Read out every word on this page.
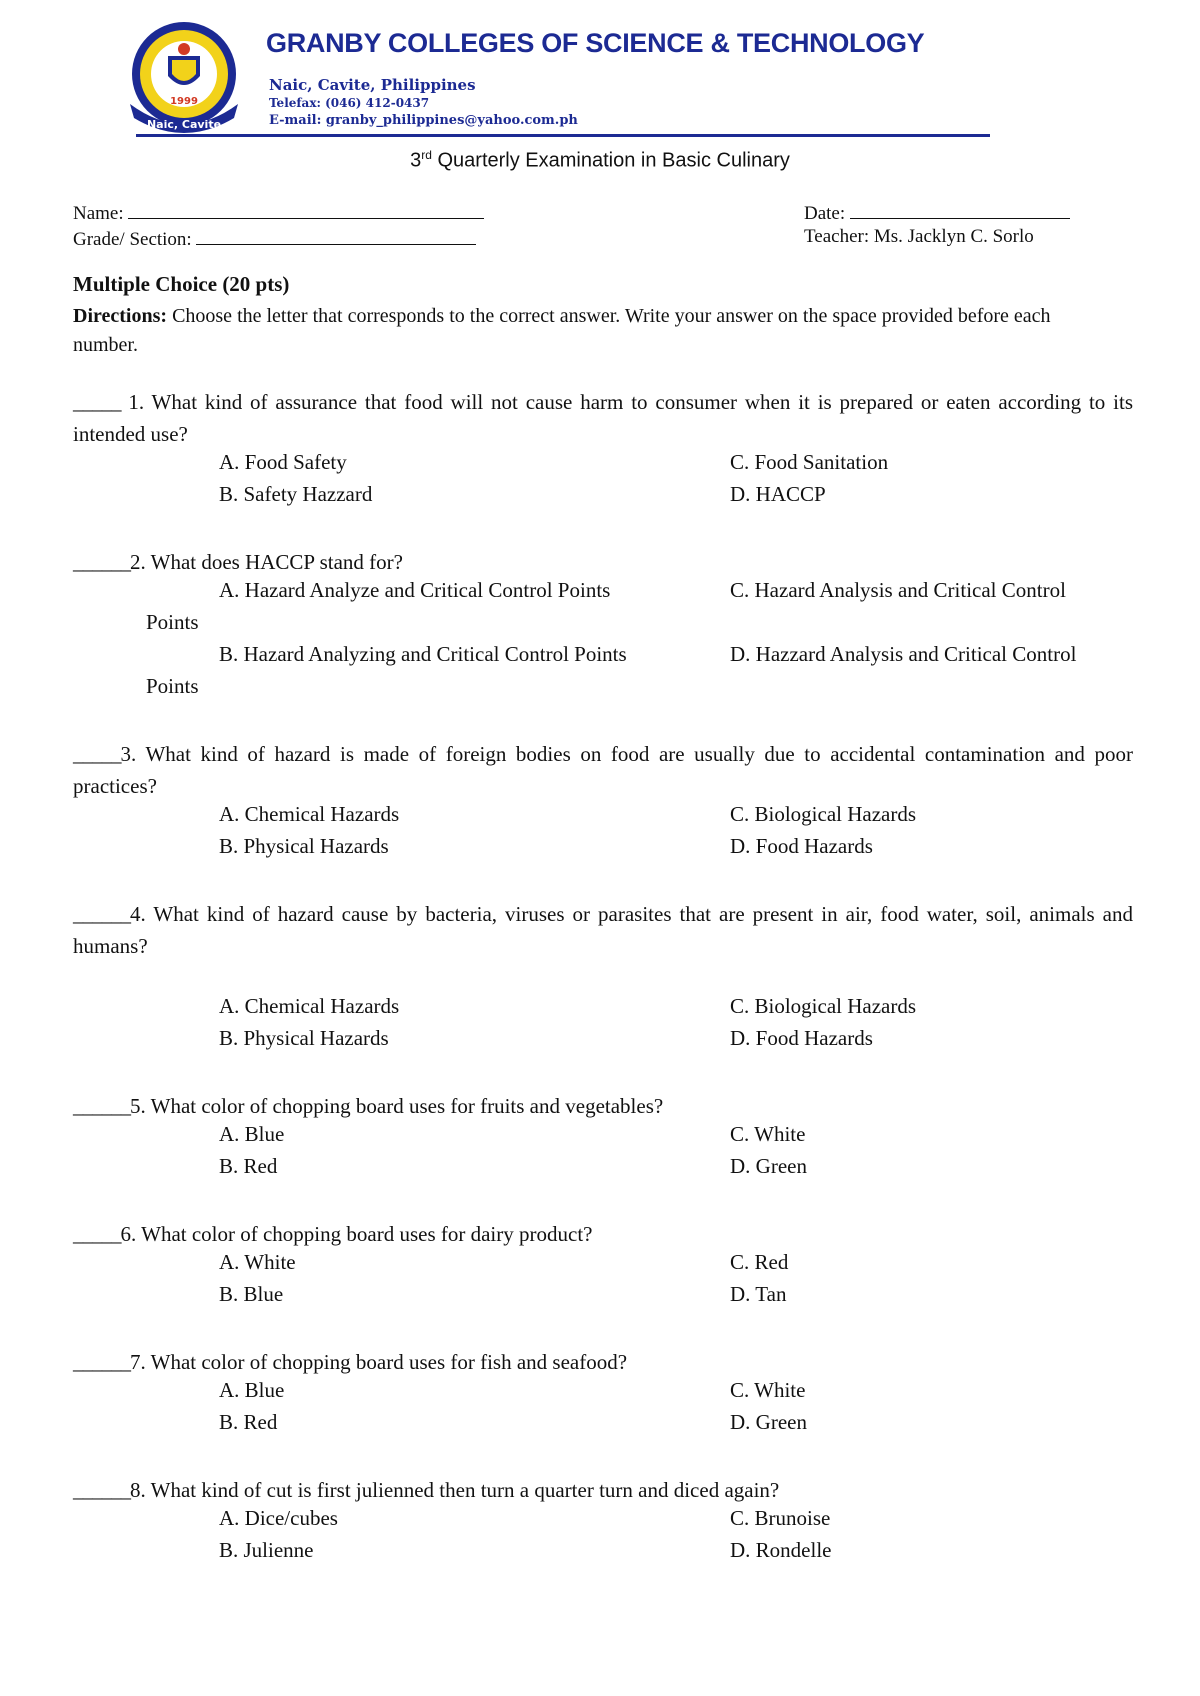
Naic, Cavite
1999
GRANBY COLLEGES OF SCIENCE & TECHNOLOGY
Naic, Cavite, Philippines
Telefax: (046) 412-0437
E-mail: granby_philippines@yahoo.com.ph
3rd Quarterly Examination in Basic Culinary
Name:	Date:
Grade/ Section:	Teacher: Ms. Jacklyn C. Sorlo
Multiple Choice (20 pts)
Directions: Choose the letter that corresponds to the correct answer. Write your answer on the space provided before each number.
_____ 1. What kind of assurance that food will not cause harm to consumer when it is prepared or eaten according to its intended use?
A. Food Safety
B. Safety Hazzard
C. Food Sanitation
D. HACCP
______2. What does HACCP stand for?
A. Hazard Analyze and Critical Control Points	C. Hazard Analysis and Critical Control
Points
B. Hazard Analyzing and Critical Control Points	D. Hazzard Analysis and Critical Control
Points
_____3. What kind of hazard is made of foreign bodies on food are usually due to accidental contamination and poor practices?
A. Chemical Hazards
B. Physical Hazards
C. Biological Hazards
D. Food Hazards
______4. What kind of hazard cause by bacteria, viruses or parasites that are present in air, food water, soil, animals and humans?
A. Chemical Hazards
B. Physical Hazards
C. Biological Hazards
D. Food Hazards
______5. What color of chopping board uses for fruits and vegetables?
A. Blue
B. Red
C. White
D. Green
_____6. What color of chopping board uses for dairy product?
A. White
B. Blue
C. Red
D. Tan
______7. What color of chopping board uses for fish and seafood?
A. Blue
B. Red
C. White
D. Green
______8. What kind of cut is first julienned then turn a quarter turn and diced again?
A. Dice/cubes
B. Julienne
C. Brunoise
D. Rondelle
